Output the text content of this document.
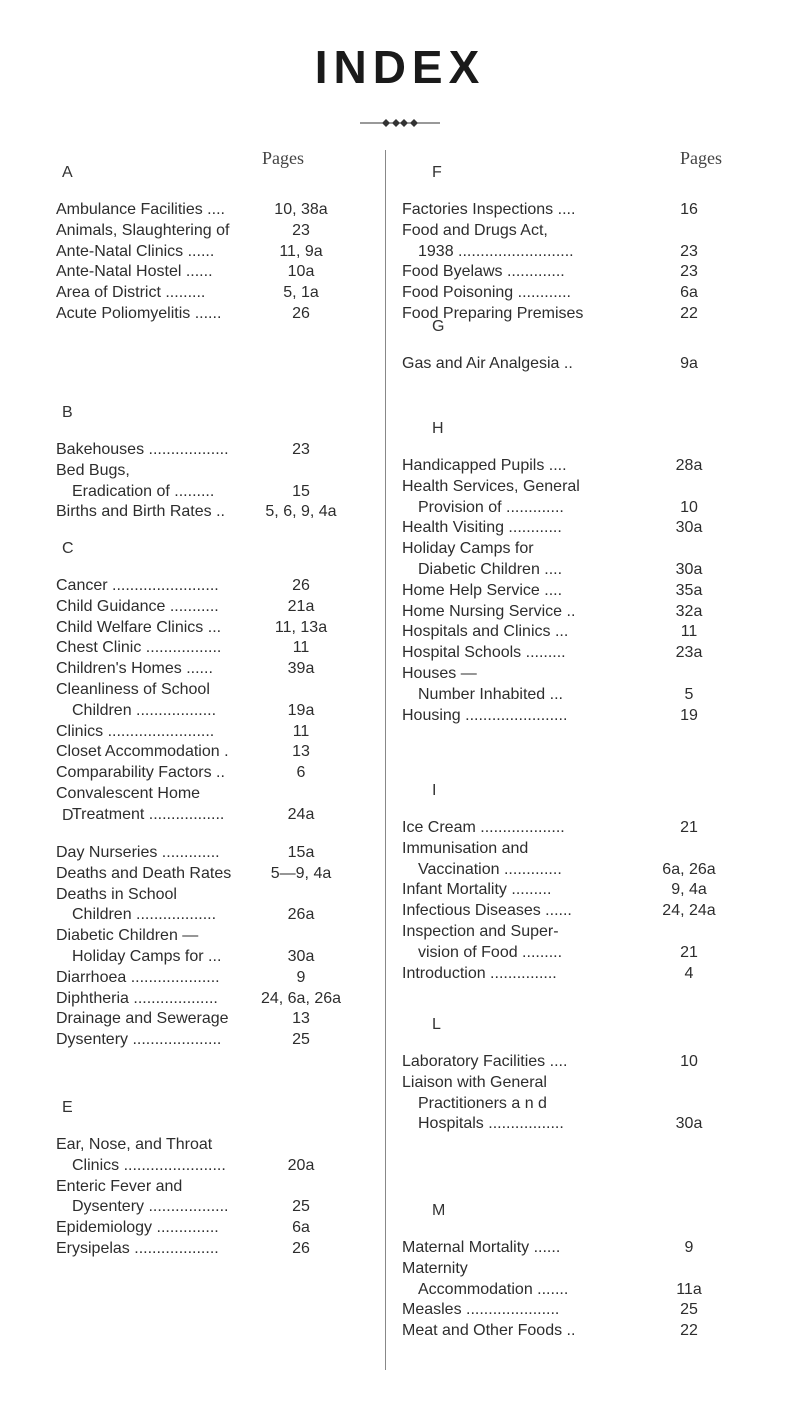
INDEX
Pages	Pages
A
Ambulance Facilities ....	10, 38a
Animals, Slaughtering of	23
Ante-Natal Clinics ......	11, 9a
Ante-Natal Hostel ......	10a
Area of District .........	5, 1a
Acute Poliomyelitis ......	26
B
Bakehouses ..................	23
Bed Bugs,
Eradication of .........	15
Births and Birth Rates ..	5, 6, 9, 4a
C
Cancer ........................	26
Child Guidance ...........	21a
Child Welfare Clinics ...	11, 13a
Chest Clinic .................	11
Children's Homes ......	39a
Cleanliness of School
Children ..................	19a
Clinics ........................	11
Closet Accommodation .	13
Comparability Factors ..	6
Convalescent Home
Treatment .................	24a
D
Day Nurseries .............	15a
Deaths and Death Rates	5—9, 4a
Deaths in School
Children ..................	26a
Diabetic Children —
Holiday Camps for ...	30a
Diarrhoea ....................	9
Diphtheria ...................	24, 6a, 26a
Drainage and Sewerage	13
Dysentery ....................	25
E
Ear, Nose, and Throat
Clinics .......................	20a
Enteric Fever and
Dysentery ..................	25
Epidemiology ..............	6a
Erysipelas ...................	26
F
Factories Inspections ....	16
Food and Drugs Act,
1938 ..........................	23
Food Byelaws .............	23
Food Poisoning ............	6a
Food Preparing Premises	22
G
Gas and Air Analgesia ..	9a
H
Handicapped Pupils ....	28a
Health Services, General
Provision of .............	10
Health Visiting ............	30a
Holiday Camps for
Diabetic Children ....	30a
Home Help Service ....	35a
Home Nursing Service ..	32a
Hospitals and Clinics ...	11
Hospital Schools .........	23a
Houses —
Number Inhabited ...	5
Housing .......................	19
I
Ice Cream ...................	21
Immunisation and
Vaccination .............	6a, 26a
Infant Mortality .........	9, 4a
Infectious Diseases ......	24, 24a
Inspection and Super-
vision of Food .........	21
Introduction ...............	4
L
Laboratory Facilities ....	10
Liaison with General
Practitioners a n d
Hospitals .................	30a
M
Maternal Mortality ......	9
Maternity
Accommodation .......	11a
Measles .....................	25
Meat and Other Foods ..	22
